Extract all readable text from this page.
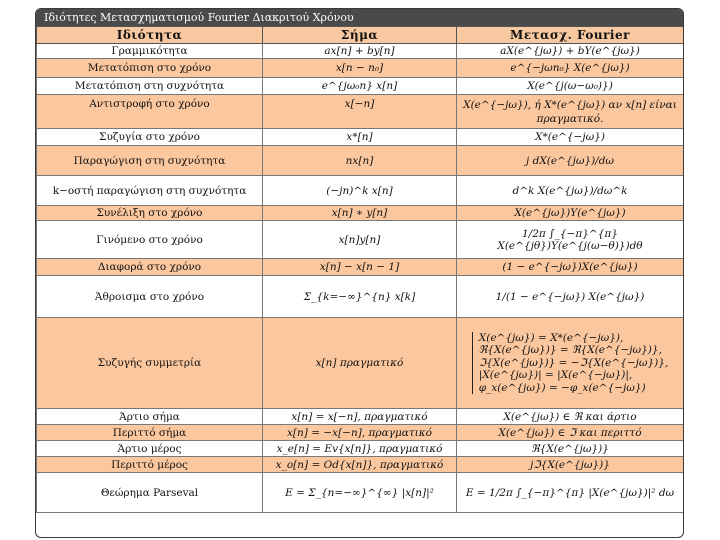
Ιδιότητες Μετασχηματισμού Fourier Διακριτού Χρόνου
Ιδιότητα	Σήμα	Μετασχ. Fourier
Γραμμικότητα	ax[n] + by[n]	aX(e^{jω}) + bY(e^{jω})
Μετατόπιση στο χρόνο	x[n − n₀]	e^{−jωn₀} X(e^{jω})
Μετατόπιση στη συχνότητα	e^{jω₀n} x[n]	X(e^{j(ω−ω₀)})
Αντιστροφή στο χρόνο	x[−n]	X(e^{−jω}), ή X*(e^{jω}) αν x[n] είναι πραγματικό.
Συζυγία στο χρόνο	x*[n]	X*(e^{−jω})
Παραγώγιση στη συχνότητα	nx[n]	j dX(e^{jω})/dω
k−οστή παραγώγιση στη συχνότητα	(−jn)^k x[n]	d^k X(e^{jω})/dω^k
Συνέλιξη στο χρόνο	x[n] ∗ y[n]	X(e^{jω})Y(e^{jω})
Γινόμενο στο χρόνο	x[n]y[n]	1/2π ∫_{−π}^{π} X(e^{jθ})Y(e^{j(ω−θ)})dθ
Διαφορά στο χρόνο	x[n] − x[n − 1]	(1 − e^{−jω})X(e^{jω})
Άθροισμα στο χρόνο	Σ_{k=−∞}^{n} x[k]	1/(1 − e^{−jω}) X(e^{jω})
Συζυγής συμμετρία	x[n] πραγματικό	X(e^{jω}) = X*(e^{−jω}),
ℜ{X(e^{jω})} = ℜ{X(e^{−jω})},
ℑ{X(e^{jω})} = −ℑ{X(e^{−jω})},
|X(e^{jω})| = |X(e^{−jω})|,
φ_x(e^{jω}) = −φ_x(e^{−jω})
Άρτιο σήμα	x[n] = x[−n], πραγματικό	X(e^{jω}) ∈ ℜ και άρτιο
Περιττό σήμα	x[n] = −x[−n], πραγματικό	X(e^{jω}) ∈ ℑ και περιττό
Άρτιο μέρος	x_e[n] = Ev{x[n]}, πραγματικό	ℜ{X(e^{jω})}
Περιττό μέρος	x_o[n] = Od{x[n]}, πραγματικό	jℑ{X(e^{jω})}
Θεώρημα Parseval	E = Σ_{n=−∞}^{∞} |x[n]|²	E = 1/2π ∫_{−π}^{π} |X(e^{jω})|² dω
